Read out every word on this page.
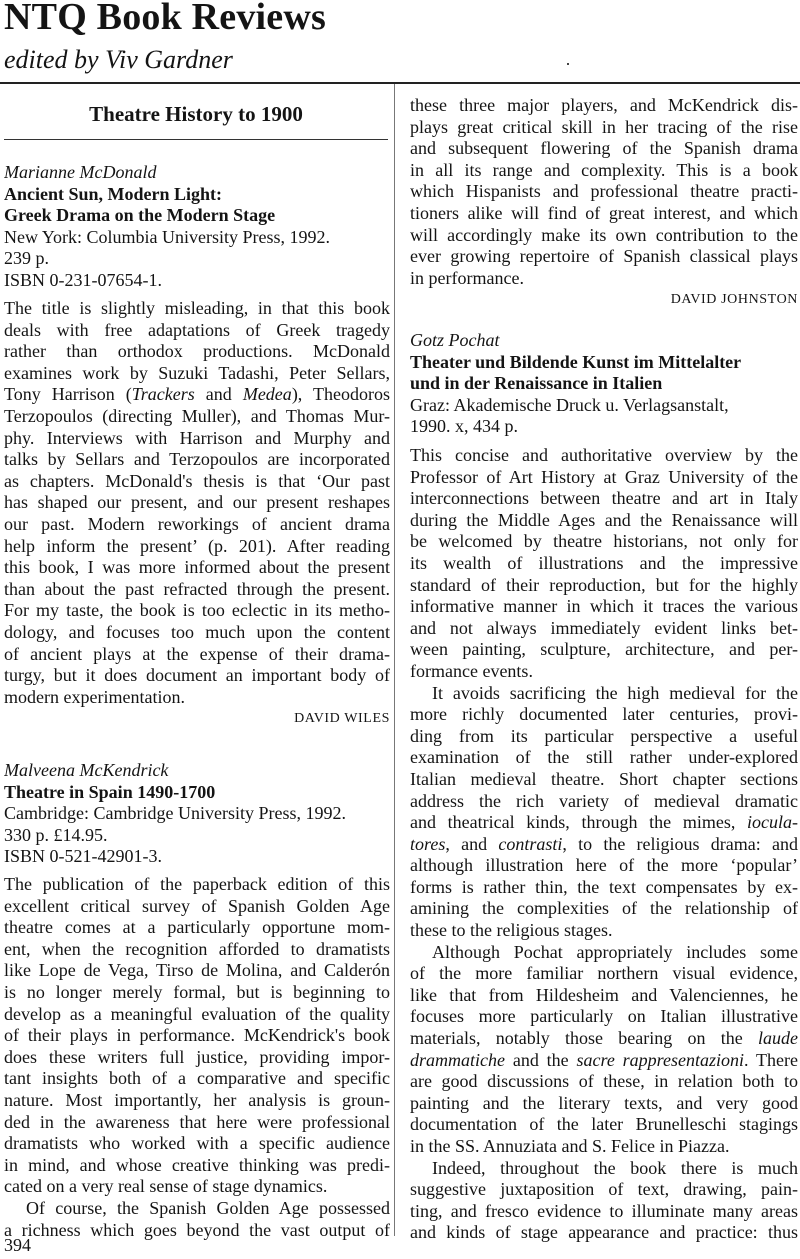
NTQ Book Reviews
edited by Viv Gardner
Theatre History to 1900
Marianne McDonald
Ancient Sun, Modern Light:
Greek Drama on the Modern Stage
New York: Columbia University Press, 1992.
239 p.
ISBN 0-231-07654-1.
The title is slightly misleading, in that this book
deals with free adaptations of Greek tragedy
rather than orthodox productions. McDonald
examines work by Suzuki Tadashi, Peter Sellars,
Tony Harrison (Trackers and Medea), Theodoros
Terzopoulos (directing Muller), and Thomas Mur-
phy. Interviews with Harrison and Murphy and
talks by Sellars and Terzopoulos are incorporated
as chapters. McDonald's thesis is that ‘Our past
has shaped our present, and our present reshapes
our past. Modern reworkings of ancient drama
help inform the present’ (p. 201). After reading
this book, I was more informed about the present
than about the past refracted through the present.
For my taste, the book is too eclectic in its metho-
dology, and focuses too much upon the content
of ancient plays at the expense of their drama-
turgy, but it does document an important body of
modern experimentation.
DAVID WILES
Malveena McKendrick
Theatre in Spain 1490-1700
Cambridge: Cambridge University Press, 1992.
330 p. £14.95.
ISBN 0-521-42901-3.
The publication of the paperback edition of this
excellent critical survey of Spanish Golden Age
theatre comes at a particularly opportune mom-
ent, when the recognition afforded to dramatists
like Lope de Vega, Tirso de Molina, and Calderón
is no longer merely formal, but is beginning to
develop as a meaningful evaluation of the quality
of their plays in performance. McKendrick's book
does these writers full justice, providing impor-
tant insights both of a comparative and specific
nature. Most importantly, her analysis is groun-
ded in the awareness that here were professional
dramatists who worked with a specific audience
in mind, and whose creative thinking was predi-
cated on a very real sense of stage dynamics.
Of course, the Spanish Golden Age possessed
a richness which goes beyond the vast output of
394
these three major players, and McKendrick dis-
plays great critical skill in her tracing of the rise
and subsequent flowering of the Spanish drama
in all its range and complexity. This is a book
which Hispanists and professional theatre practi-
tioners alike will find of great interest, and which
will accordingly make its own contribution to the
ever growing repertoire of Spanish classical plays
in performance.
DAVID JOHNSTON
Gotz Pochat
Theater und Bildende Kunst im Mittelalter
und in der Renaissance in Italien
Graz: Akademische Druck u. Verlagsanstalt,
1990. x, 434 p.
This concise and authoritative overview by the
Professor of Art History at Graz University of the
interconnections between theatre and art in Italy
during the Middle Ages and the Renaissance will
be welcomed by theatre historians, not only for
its wealth of illustrations and the impressive
standard of their reproduction, but for the highly
informative manner in which it traces the various
and not always immediately evident links bet-
ween painting, sculpture, architecture, and per-
formance events.
It avoids sacrificing the high medieval for the
more richly documented later centuries, provi-
ding from its particular perspective a useful
examination of the still rather under-explored
Italian medieval theatre. Short chapter sections
address the rich variety of medieval dramatic
and theatrical kinds, through the mimes, iocula-
tores, and contrasti, to the religious drama: and
although illustration here of the more ‘popular’
forms is rather thin, the text compensates by ex-
amining the complexities of the relationship of
these to the religious stages.
Although Pochat appropriately includes some
of the more familiar northern visual evidence,
like that from Hildesheim and Valenciennes, he
focuses more particularly on Italian illustrative
materials, notably those bearing on the laude
drammatiche and the sacre rappresentazioni. There
are good discussions of these, in relation both to
painting and the literary texts, and very good
documentation of the later Brunelleschi stagings
in the SS. Annuziata and S. Felice in Piazza.
Indeed, throughout the book there is much
suggestive juxtaposition of text, drawing, pain-
ting, and fresco evidence to illuminate many areas
and kinds of stage appearance and practice: thus
